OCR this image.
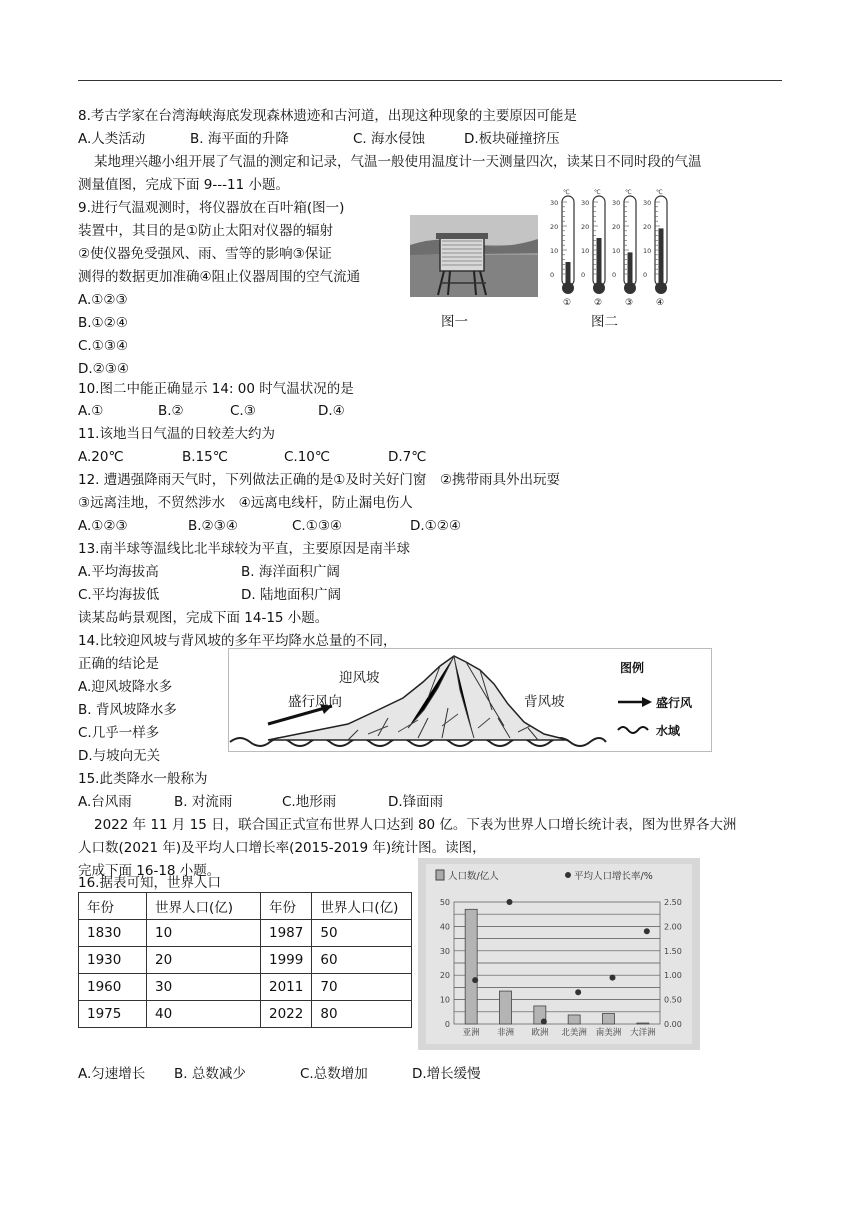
8.考古学家在台湾海峡海底发现森林遗迹和古河道，出现这种现象的主要原因可能是
A.人类活动	B. 海平面的升降	C. 海水侵蚀	D.板块碰撞挤压
某地理兴趣小组开展了气温的测定和记录，气温一般使用温度计一天测量四次，读某日不同时段的气温
测量值图，完成下面 9---11 小题。
9.进行气温观测时，将仪器放在百叶箱(图一)
装置中，其目的是①防止太阳对仪器的辐射
②使仪器免受强风、雨、雪等的影响③保证
测得的数据更加准确④阻止仪器周围的空气流通
A.①②③
B.①②④
C.①③④
D.②③④
图一
℃
30
20
10
0
①
℃
30
20
10
0
②
℃
30
20
10
0
③
℃
30
20
10
0
④
图二
10.图二中能正确显示 14: 00 时气温状况的是
A.①	B.②	C.③	D.④
11.该地当日气温的日较差大约为
A.20℃	B.15℃	C.10℃	D.7℃
12. 遭遇强降雨天气时，下列做法正确的是①及时关好门窗　②携带雨具外出玩耍
③远离洼地，不贸然涉水　④远离电线杆，防止漏电伤人
A.①②③	B.②③④	C.①③④	D.①②④
13.南半球等温线比北半球较为平直，主要原因是南半球
A.平均海拔高	B. 海洋面积广阔
C.平均海拔低	D. 陆地面积广阔
读某岛屿景观图，完成下面 14-15 小题。
14.比较迎风坡与背风坡的多年平均降水总量的不同，
正确的结论是
A.迎风坡降水多
B. 背风坡降水多
C.几乎一样多
D.与坡向无关
盛行风向
迎风坡
背风坡
图例
盛行风
水域
15.此类降水一般称为
A.台风雨	B. 对流雨	C.地形雨	D.锋面雨
2022 年 11 月 15 日，联合国正式宣布世界人口达到 80 亿。下表为世界人口增长统计表，图为世界各大洲
人口数(2021 年)及平均人口增长率(2015-2019 年)统计图。读图，
完成下面 16-18 小题。
16.据表可知，世界人口
年份	世界人口(亿)	年份	世界人口(亿)
1830	10	1987	50
1930	20	1999	60
1960	30	2011	70
1975	40	2022	80
人口数/亿人	平均人口增长率/%
50
40
30
20
10
0
2.50
2.00
1.50
1.00
0.50
0.00
亚洲 非洲 欧洲 北美洲 南美洲 大洋洲
A.匀速增长 B. 总数减少	C.总数增加	D.增长缓慢
